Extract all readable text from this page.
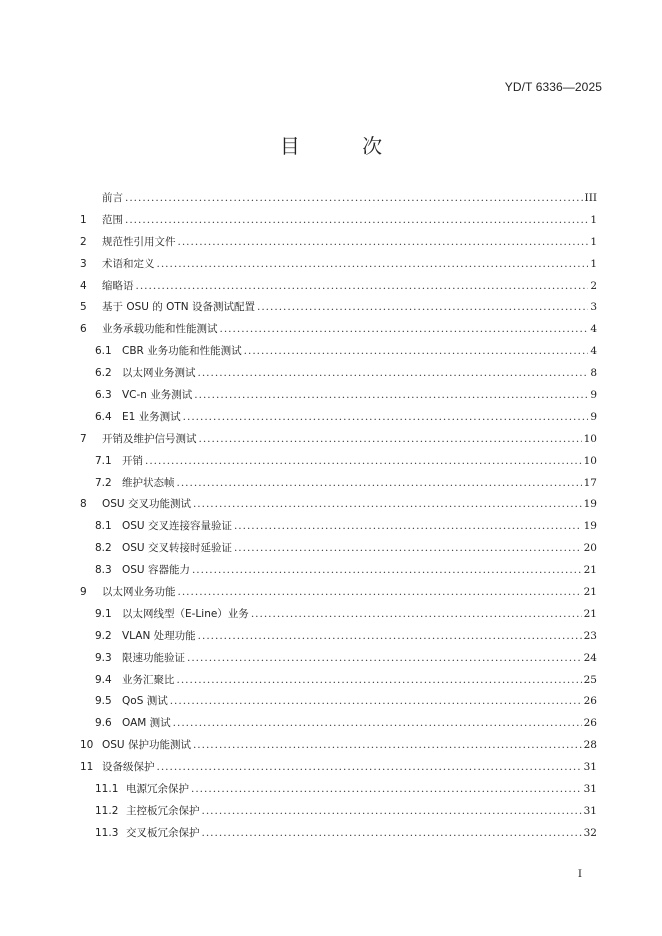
YD/T 6336—2025
目 次
前言 .....	III
1	范围 .....	1
2	规范性引用文件 .....	1
3	术语和定义 .....	1
4	缩略语 .....	2
5	基于 OSU 的 OTN 设备测试配置 .....	3
6	业务承载功能和性能测试 .....	4
6.1 CBR 业务功能和性能测试 .....	4
6.2 以太网业务测试 .....	8
6.3 VC-n 业务测试 .....	9
6.4 E1 业务测试 .....	9
7	开销及维护信号测试 .....	10
7.1 开销 .....	10
7.2 维护状态帧 .....	17
8	OSU 交叉功能测试 .....	19
8.1 OSU 交叉连接容量验证 .....	19
8.2 OSU 交叉转接时延验证 .....	20
8.3 OSU 容器能力 .....	21
9	以太网业务功能 .....	21
9.1 以太网线型（E-Line）业务 .....	21
9.2 VLAN 处理功能 .....	23
9.3 限速功能验证 .....	24
9.4 业务汇聚比 .....	25
9.5 QoS 测试 .....	26
9.6 OAM 测试 .....	26
10 OSU 保护功能测试 .....	28
11 设备级保护 .....	31
11.1 电源冗余保护 .....	31
11.2 主控板冗余保护 .....	31
11.3 交叉板冗余保护 .....	32
I
